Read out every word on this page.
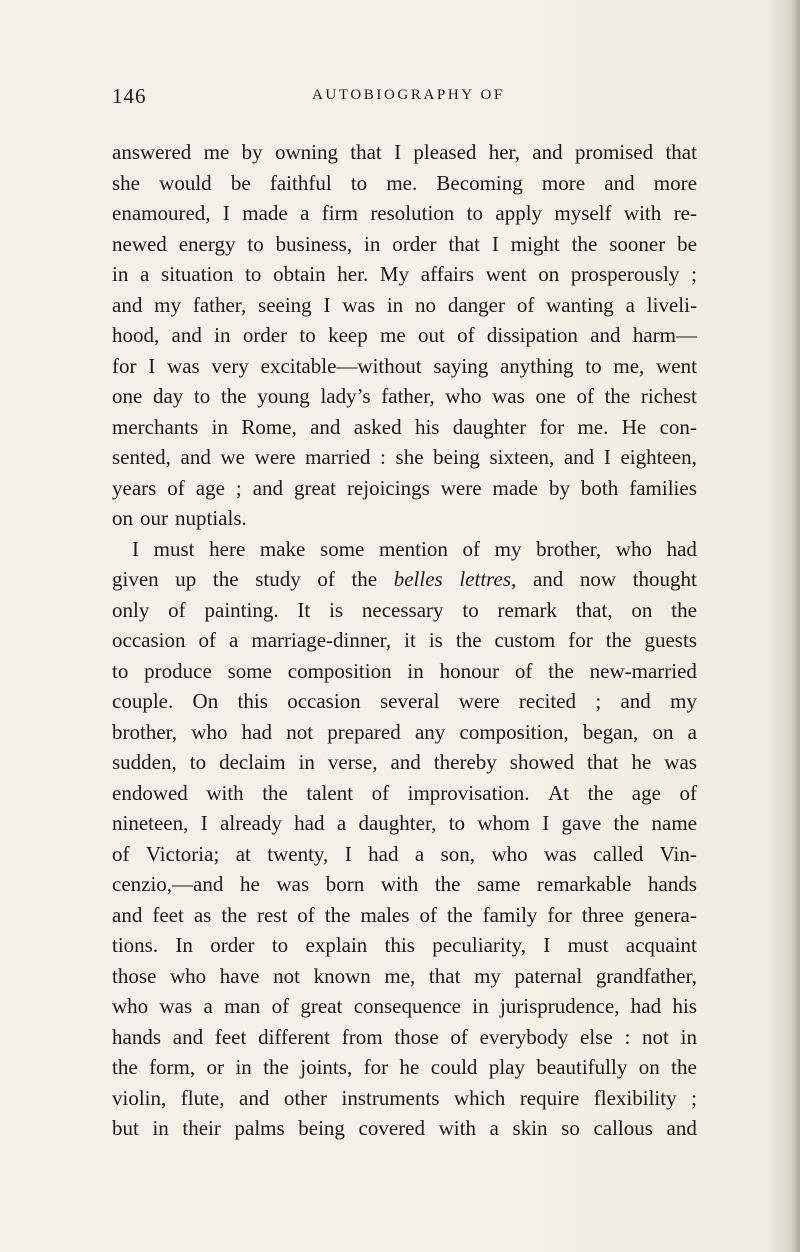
146	AUTOBIOGRAPHY OF
answered me by owning that I pleased her, and promised that
she would be faithful to me. Becoming more and more
enamoured, I made a firm resolution to apply myself with re-
newed energy to business, in order that I might the sooner be
in a situation to obtain her. My affairs went on prosperously ;
and my father, seeing I was in no danger of wanting a liveli-
hood, and in order to keep me out of dissipation and harm—
for I was very excitable—without saying anything to me, went
one day to the young lady’s father, who was one of the richest
merchants in Rome, and asked his daughter for me. He con-
sented, and we were married : she being sixteen, and I eighteen,
years of age ; and great rejoicings were made by both families
on our nuptials.
I must here make some mention of my brother, who had
given up the study of the belles lettres, and now thought
only of painting. It is necessary to remark that, on the
occasion of a marriage-dinner, it is the custom for the guests
to produce some composition in honour of the new-married
couple. On this occasion several were recited ; and my
brother, who had not prepared any composition, began, on a
sudden, to declaim in verse, and thereby showed that he was
endowed with the talent of improvisation. At the age of
nineteen, I already had a daughter, to whom I gave the name
of Victoria; at twenty, I had a son, who was called Vin-
cenzio,—and he was born with the same remarkable hands
and feet as the rest of the males of the family for three genera-
tions. In order to explain this peculiarity, I must acquaint
those who have not known me, that my paternal grandfather,
who was a man of great consequence in jurisprudence, had his
hands and feet different from those of everybody else : not in
the form, or in the joints, for he could play beautifully on the
violin, flute, and other instruments which require flexibility ;
but in their palms being covered with a skin so callous and
